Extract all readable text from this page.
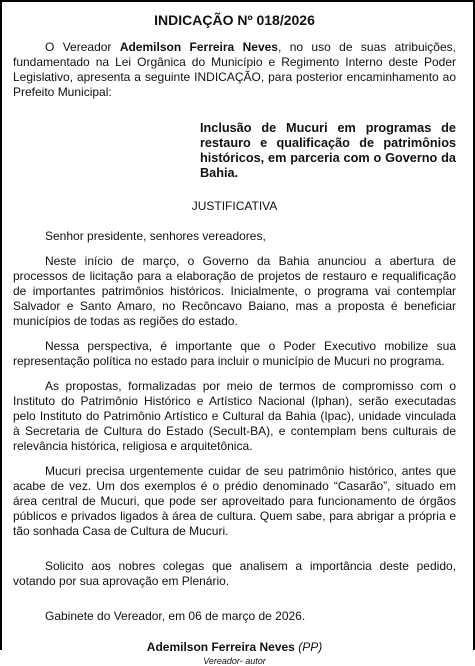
INDICAÇÃO Nº 018/2026

O Vereador Ademilson Ferreira Neves, no uso de suas atribuições, fundamentado na Lei Orgânica do Município e Regimento Interno deste Poder Legislativo, apresenta a seguinte INDICAÇÃO, para posterior encaminhamento ao Prefeito Municipal:

Inclusão de Mucuri em programas de restauro e qualificação de patrimônios históricos, em parceria com o Governo da Bahia.

JUSTIFICATIVA

Senhor presidente, senhores vereadores,

Neste início de março, o Governo da Bahia anunciou a abertura de processos de licitação para a elaboração de projetos de restauro e requalificação de importantes patrimônios históricos. Inicialmente, o programa vai contemplar Salvador e Santo Amaro, no Recôncavo Baiano, mas a proposta é beneficiar municípios de todas as regiões do estado.

Nessa perspectiva, é importante que o Poder Executivo mobilize sua representação política no estado para incluir o município de Mucuri no programa.

As propostas, formalizadas por meio de termos de compromisso com o Instituto do Patrimônio Histórico e Artístico Nacional (Iphan), serão executadas pelo Instituto do Patrimônio Artístico e Cultural da Bahia (Ipac), unidade vinculada à Secretaria de Cultura do Estado (Secult-BA), e contemplam bens culturais de relevância histórica, religiosa e arquitetônica.

Mucuri precisa urgentemente cuidar de seu patrimônio histórico, antes que acabe de vez. Um dos exemplos é o prédio denominado “Casarão”, situado em área central de Mucuri, que pode ser aproveitado para funcionamento de órgãos públicos e privados ligados à área de cultura. Quem sabe, para abrigar a própria e tão sonhada Casa de Cultura de Mucuri.

Solicito aos nobres colegas que analisem a importância deste pedido, votando por sua aprovação em Plenário.

Gabinete do Vereador, em 06 de março de 2026.

Ademilson Ferreira Neves (PP)
Vereador- autor
